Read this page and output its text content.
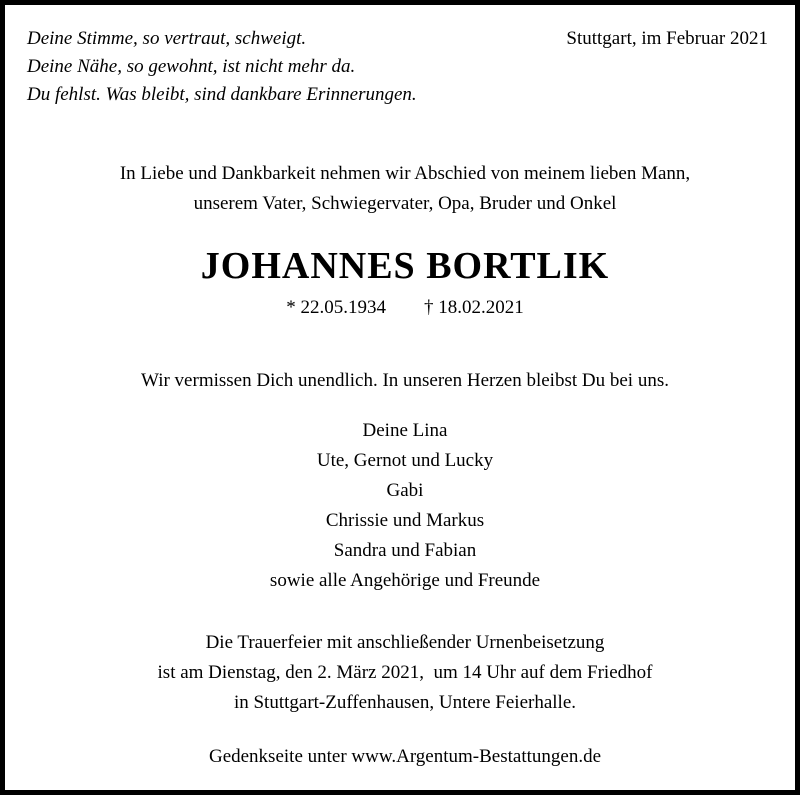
Deine Stimme, so vertraut, schweigt.
Deine Nähe, so gewohnt, ist nicht mehr da.
Du fehlst. Was bleibt, sind dankbare Erinnerungen.
Stuttgart, im Februar 2021
In Liebe und Dankbarkeit nehmen wir Abschied von meinem lieben Mann,
unserem Vater, Schwiegervater, Opa, Bruder und Onkel
JOHANNES BORTLIK
* 22.05.1934 † 18.02.2021
Wir vermissen Dich unendlich. In unseren Herzen bleibst Du bei uns.
Deine Lina
Ute, Gernot und Lucky
Gabi
Chrissie und Markus
Sandra und Fabian
sowie alle Angehörige und Freunde
Die Trauerfeier mit anschließender Urnenbeisetzung
ist am Dienstag, den 2. März 2021,  um 14 Uhr auf dem Friedhof
in Stuttgart-Zuffenhausen, Untere Feierhalle.
Gedenkseite unter www.Argentum-Bestattungen.de
